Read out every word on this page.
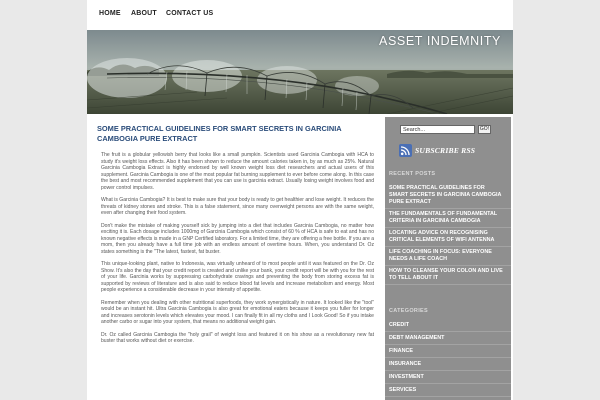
HOME ABOUT CONTACT US
ASSET INDEMNITY
SOME PRACTICAL GUIDELINES FOR SMART SECRETS IN GARCINIA CAMBOGIA PURE EXTRACT

The fruit is a globular yellowish berry that looks like a small pumpkin. Scientists used Garcinia Cambogia with HCA to study it's weight loss effects. Also it has been shown to reduce the amount calories taken in, by as much as 25%. Natural Garcinia Cambogia Extract is highly endorsed by well known weight loss diet researchers and actual users of this supplement. Garcinia Cambogia is one of the most popular fat burning supplement to ever before come along. In this case the best and most recommended supplement that you can use is garcinia extract. Usually losing weight involves food and power control impulses.

What is Garcinia Cambogia? It is best to make sure that your body is ready to get healthier and lose weight. It reduces the threats of kidney stones and stroke. This is a false statement, since many overweight persons are with the same weight, even after changing their food system.

Don't make the mistake of making yourself sick by jumping into a diet that includes Garcinia Cambogia, no matter how exciting it is. Each dosage includes 1000mg of Garcinia Cambogia which consist of 60 % of HCA is safe to eat and has no known negative effects is made in a GNP Certified laboratory. For a limited time, they are offering a free bottle. If you are a mom, then you already have a full time job with an endless amount of overtime hours. When, you understand Dr. Oz states something is the "The latest, fastest, fat buster.

This unique-looking plant, native to Indonesia, was virtually unheard of to most people until it was featured on the Dr. Oz Show. It's also the day that your credit report is created and unlike your bank, your credit report will be with you for the rest of your life. Garcinia works by suppressing carbohydrate cravings and preventing the body from storing excess fat is supported by reviews of literature and is also said to reduce blood fat levels and increase metabolism and energy. Most people experience a considerable decrease in your intensity of appetite.

Remember when you dealing with other nutritional superfoods, they work synergistically in nature. It looked like the "tool" would be an instant hit. Ultra Garcinia Cambogia is also great for emotional eaters because it keeps you fuller for longer and increases serotonin levels which elevates your mood. I can finally fit in all my cloths and I Look Good! So if you intake another carbo or sugar into your system, that means no additional weight gain.

Dr. Oz called Garcinia Cambogia the "holy grail" of weight loss and featured it on his show as a revolutionary new fat buster that works without diet or exercise.

Search...	GO!
SUBSCRIBE RSS
RECENT POSTS
SOME PRACTICAL GUIDELINES FOR SMART SECRETS IN GARCINIA CAMBOGIA PURE EXTRACT
THE FUNDAMENTALS OF FUNDAMENTAL CRITERIA IN GARCINIA CAMBOGIA
LOCATING ADVICE ON RECOGNISING CRITICAL ELEMENTS OF WIFI ANTENNA
LIFE COACHING IN FOCUS: EVERYONE NEEDS A LIFE COACH
HOW TO CLEANSE YOUR COLON AND LIVE TO TELL ABOUT IT
CATEGORIES
CREDIT
DEBT MANAGEMENT
FINANCE
INSURANCE
INVESTMENT
SERVICES
